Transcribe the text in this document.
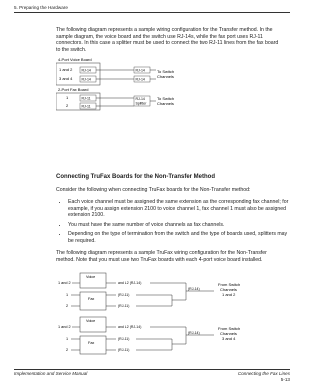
5. Preparing the Hardware

The following diagram represents a sample wiring configuration for the Transfer method. In the sample diagram, the voice board and the switch use RJ-14s, while the fax port uses RJ-11 connectors. In this case a splitter must be used to connect the two RJ-11 lines from the fax board to the switch.

4-Port Voice Board
1 and 2
3 and 4
RJ-14
RJ-14
RJ-14
RJ-14
To Switch
Channels
2-Port Fax Board
1
2
RJ-11
RJ-11
RJ-14
Splitter
To Switch
Channels
Connecting TruFax Boards for the Non-Transfer Method

Consider the following when connecting TruFax boards for the Non-Transfer method:

• Each voice channel must be assigned the same extension as the corresponding fax channel; for example, if you assign extension 2100 to voice channel 1, fax channel 1 must also be assigned extension 2100.
• You must have the same number of voice channels as fax channels.
• Depending on the type of termination from the switch and the type of boards used, splitters may be required.

The following diagram represents a sample TruFax wiring configuration for the Non-Transfer method. Note that you must use two TruFax boards with each 4-port voice board installed.

Voice
1 and 2
Fax
1
2
and L2 (RJ-14)
(RJ-11)
(RJ-11)
(RJ-14)
From Switch
Channels
1 and 2
Voice
1 and 2
Fax
1
2
and L2 (RJ-14)
(RJ-11)
(RJ-11)
(RJ-14)
From Switch
Channels
3 and 4
Implementation and Service Manual	Connecting the Fax Lines
5-13
